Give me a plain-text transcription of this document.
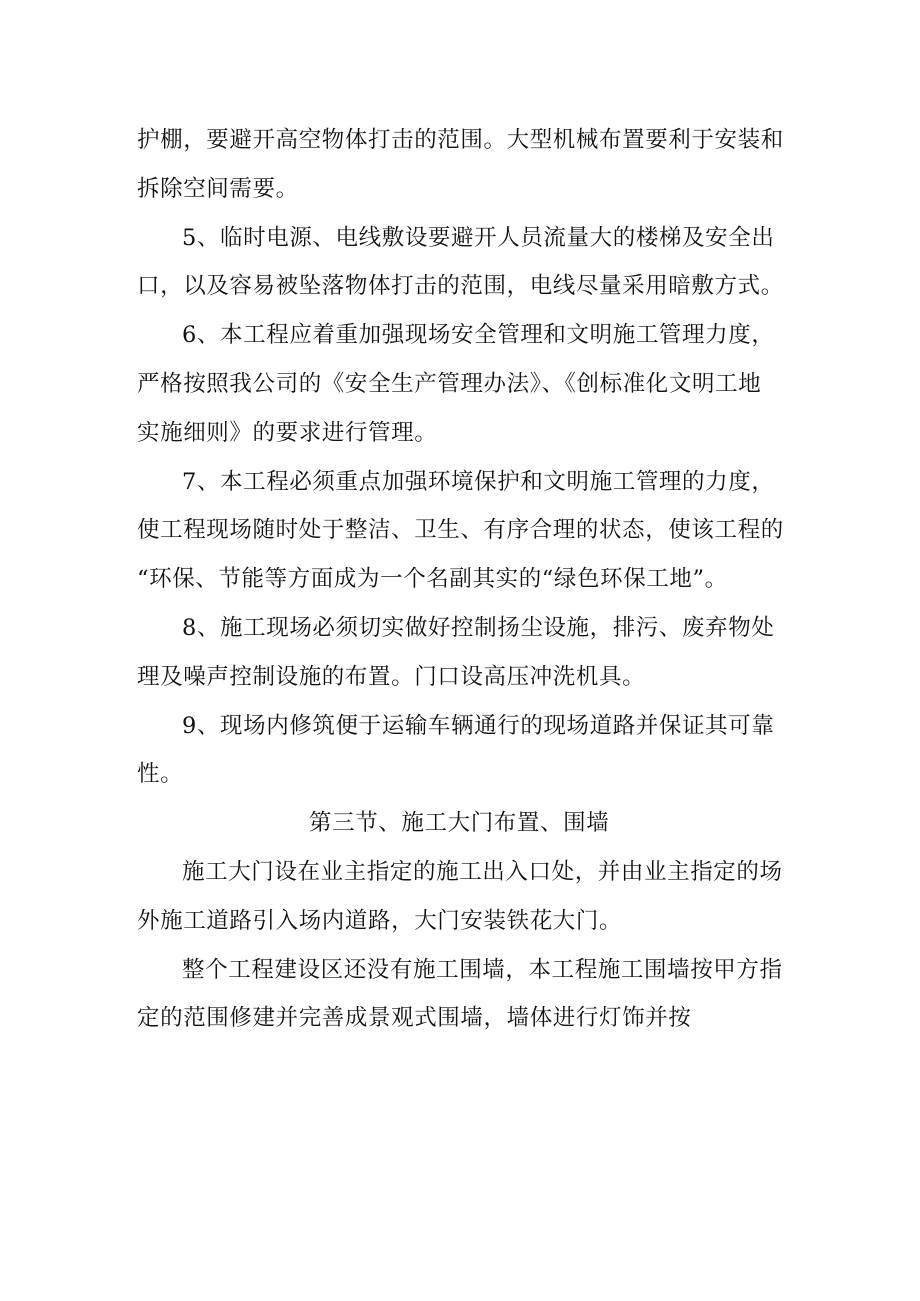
护棚，要避开高空物体打击的范围。大型机械布置要利于安装和
拆除空间需要。
5、临时电源、电线敷设要避开人员流量大的楼梯及安全出
口，以及容易被坠落物体打击的范围，电线尽量采用暗敷方式。
6、本工程应着重加强现场安全管理和文明施工管理力度，
严格按照我公司的《安全生产管理办法》、《创标准化文明工地
实施细则》的要求进行管理。
7、本工程必须重点加强环境保护和文明施工管理的力度，
使工程现场随时处于整洁、卫生、有序合理的状态，使该工程的
“环保、节能等方面成为一个名副其实的“绿色环保工地”。
8、施工现场必须切实做好控制扬尘设施，排污、废弃物处
理及噪声控制设施的布置。门口设高压冲洗机具。
9、现场内修筑便于运输车辆通行的现场道路并保证其可靠
性。
第三节、施工大门布置、围墙
施工大门设在业主指定的施工出入口处，并由业主指定的场
外施工道路引入场内道路，大门安装铁花大门。
整个工程建设区还没有施工围墙，本工程施工围墙按甲方指
定的范围修建并完善成景观式围墙，墙体进行灯饰并按
